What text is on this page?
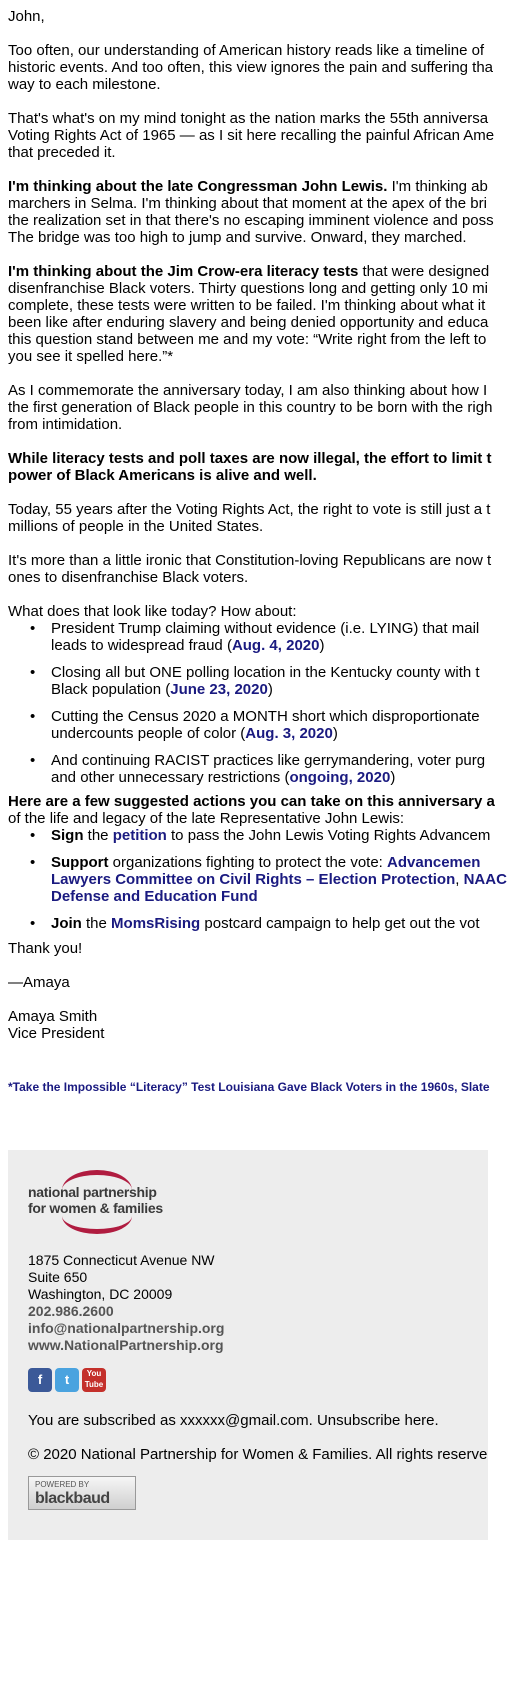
John,

Too often, our understanding of American history reads like a timeline of

historic events. And too often, this view ignores the pain and suffering tha

way to each milestone.

That's what's on my mind tonight as the nation marks the 55th anniversa

Voting Rights Act of 1965 — as I sit here recalling the painful African Ame

that preceded it.

I'm thinking about the late Congressman John Lewis. I'm thinking ab

marchers in Selma. I'm thinking about that moment at the apex of the bri

the realization set in that there's no escaping imminent violence and poss

The bridge was too high to jump and survive. Onward, they marched.

I'm thinking about the Jim Crow-era literacy tests that were designed

disenfranchise Black voters. Thirty questions long and getting only 10 mi

complete, these tests were written to be failed. I'm thinking about what it

been like after enduring slavery and being denied opportunity and educa

this question stand between me and my vote: “Write right from the left to

you see it spelled here.”*

As I commemorate the anniversary today, I am also thinking about how I

the first generation of Black people in this country to be born with the righ

from intimidation.

While literacy tests and poll taxes are now illegal, the effort to limit t

power of Black Americans is alive and well.

Today, 55 years after the Voting Rights Act, the right to vote is still just a t

millions of people in the United States.

It's more than a little ironic that Constitution-loving Republicans are now t

ones to disenfranchise Black voters.

What does that look like today? How about:

• President Trump claiming without evidence (i.e. LYING) that mail
leads to widespread fraud (Aug. 4, 2020)
• Closing all but ONE polling location in the Kentucky county with t
Black population (June 23, 2020)
• Cutting the Census 2020 a MONTH short which disproportionate
undercounts people of color (Aug. 3, 2020)
• And continuing RACIST practices like gerrymandering, voter purg
and other unnecessary restrictions (ongoing, 2020)

Here are a few suggested actions you can take on this anniversary a

of the life and legacy of the late Representative John Lewis:

• Sign the petition to pass the John Lewis Voting Rights Advancem
• Support organizations fighting to protect the vote: Advancemen
Lawyers Committee on Civil Rights – Election Protection, NAAC
Defense and Education Fund
• Join the MomsRising postcard campaign to help get out the vot

Thank you!

—Amaya

Amaya Smith

Vice President

*Take the Impossible “Literacy” Test Louisiana Gave Black Voters in the 1960s, Slate
national partnership
for women & families
1875 Connecticut Avenue NW
Suite 650
Washington, DC 20009
202.986.2600
info@nationalpartnership.org
www.NationalPartnership.org
f t You Tube
You are subscribed as xxxxxx@gmail.com. Unsubscribe here.
© 2020 National Partnership for Women & Families. All rights reserve
POWERED BY
blackbaud
